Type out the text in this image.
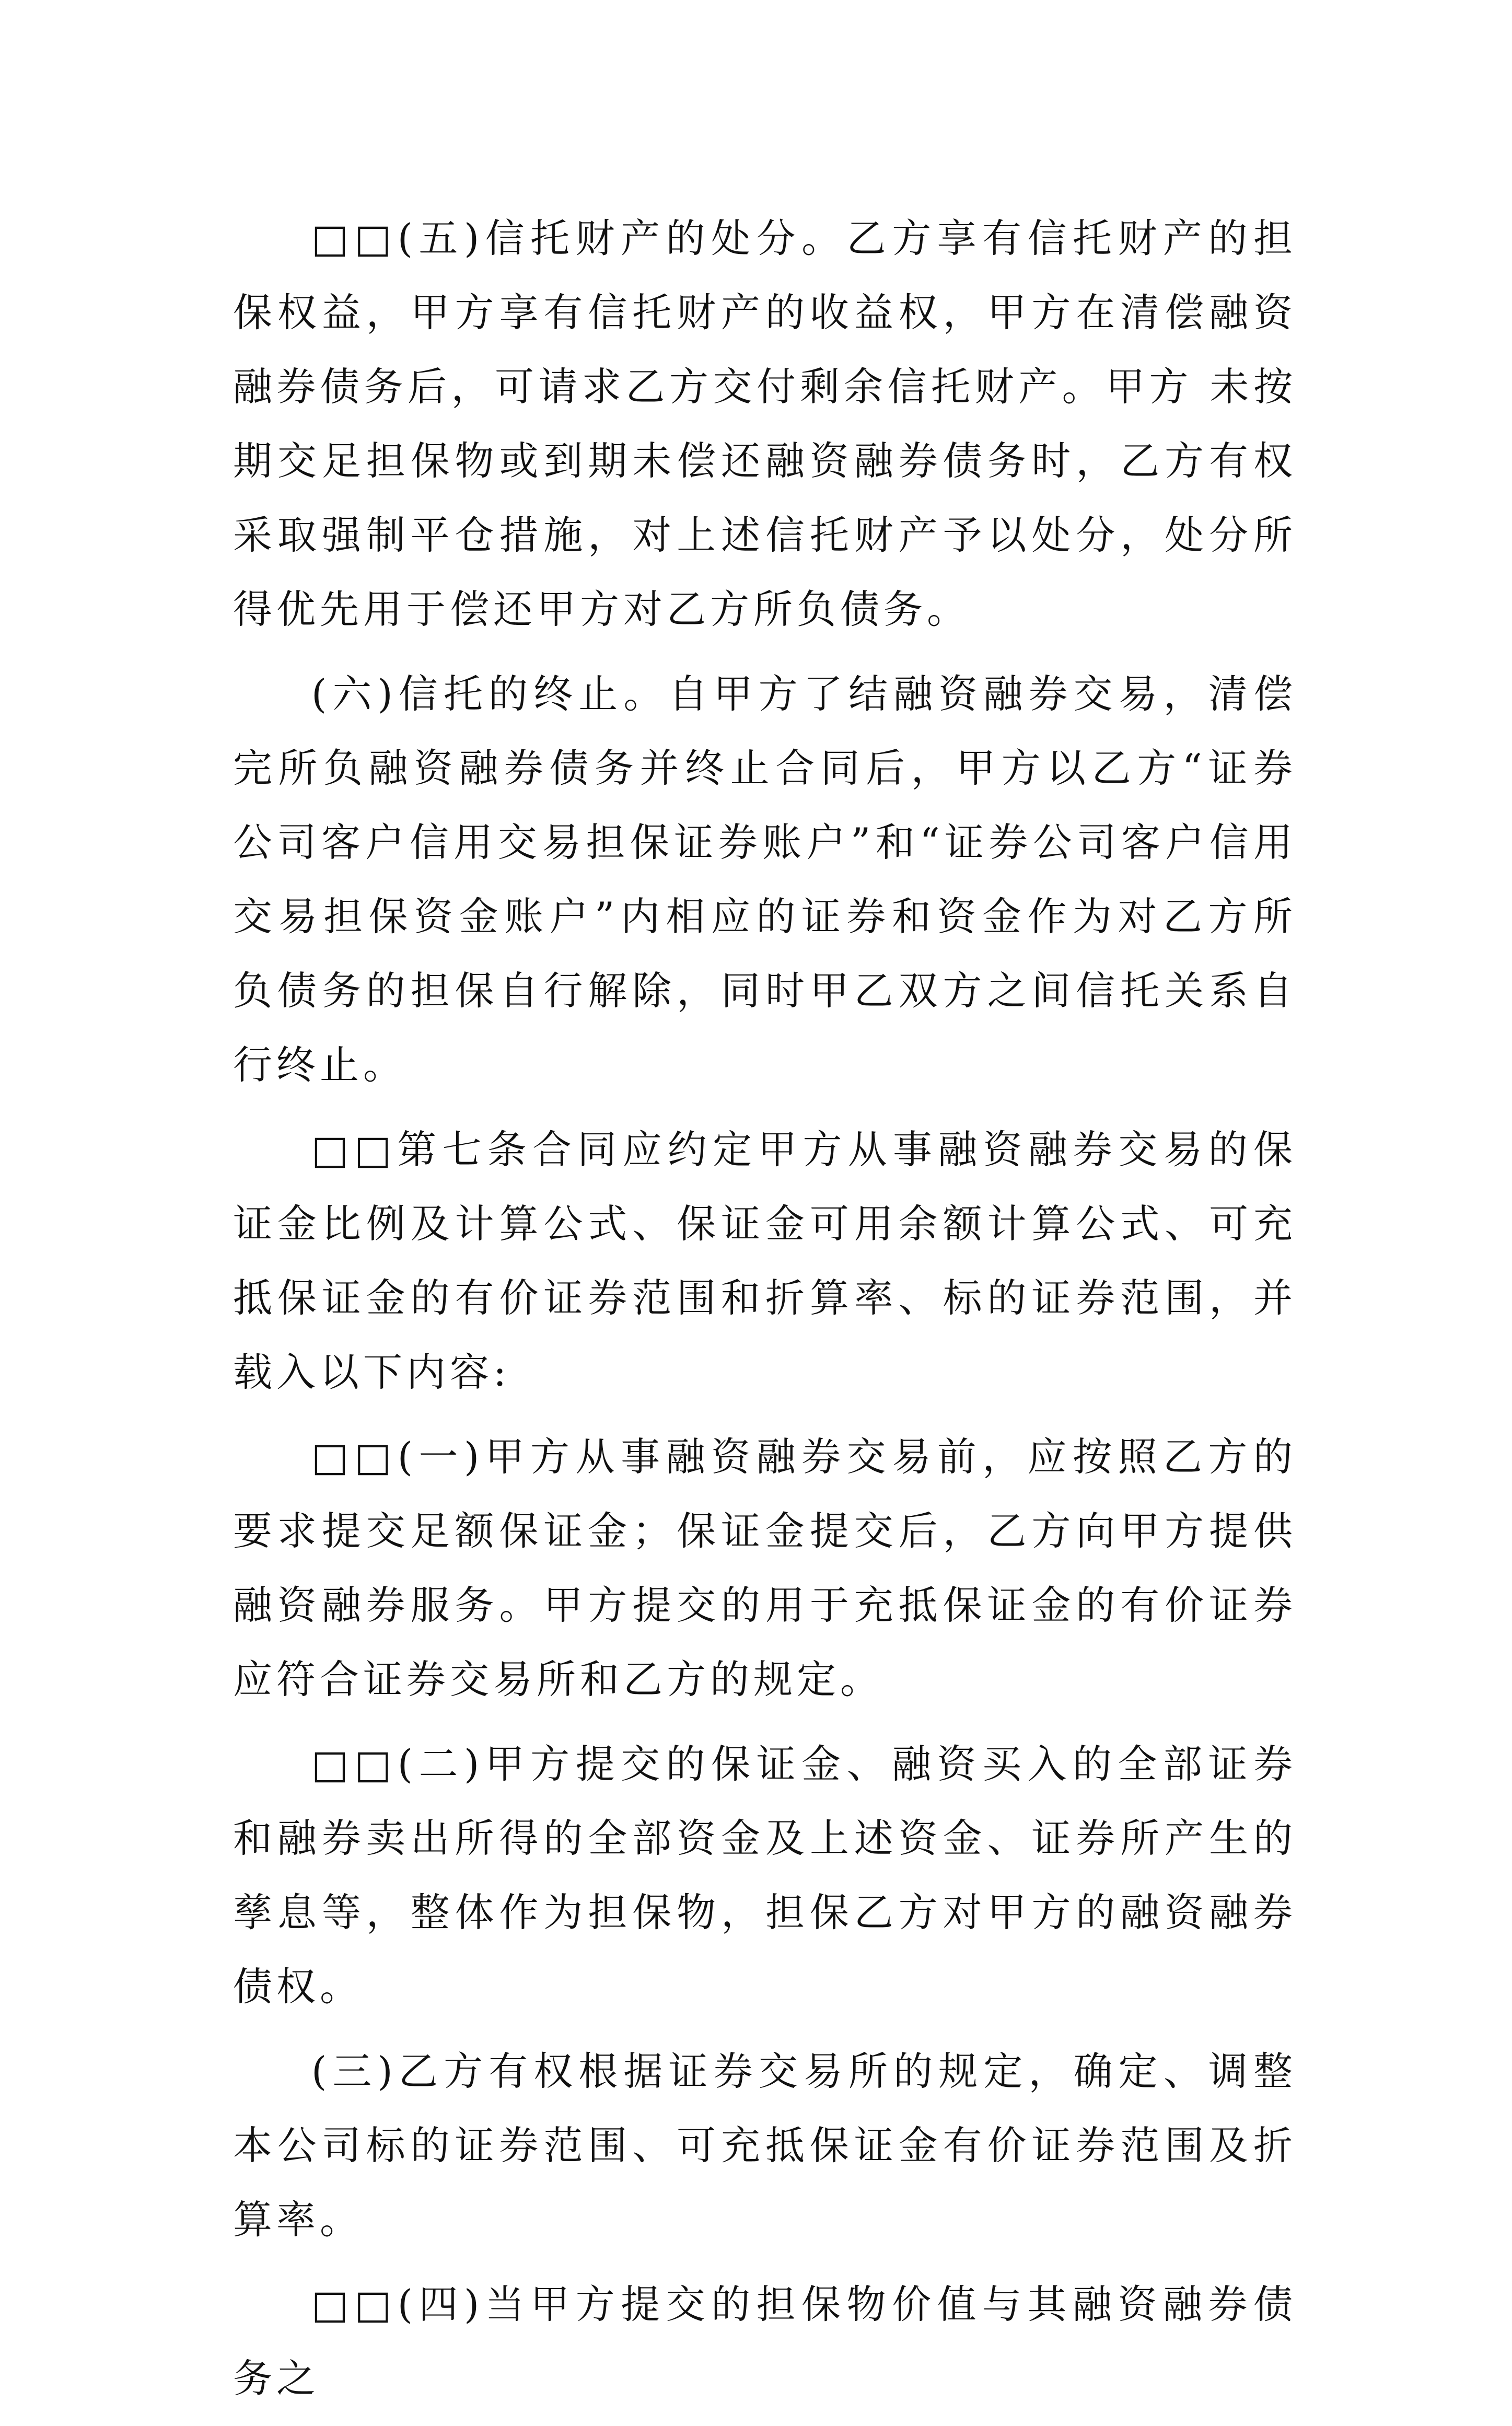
□□(五)信托财产的处分。乙方享有信托财产的担保权益，甲方享有信托财产的收益权，甲方在清偿融资融券债务后，可请求乙方交付剩余信托财产。甲方 未按期交足担保物或到期未偿还融资融券债务时，乙方有权采取强制平仓措施，对上述信托财产予以处分，处分所得优先用于偿还甲方对乙方所负债务。

(六)信托的终止。自甲方了结融资融券交易，清偿完所负融资融券债务并终止合同后，甲方以乙方“证券公司客户信用交易担保证券账户”和“证券公司客户信用交易担保资金账户”内相应的证券和资金作为对乙方所负债务的担保自行解除，同时甲乙双方之间信托关系自行终止。

□□第七条合同应约定甲方从事融资融券交易的保证金比例及计算公式、保证金可用余额计算公式、可充抵保证金的有价证券范围和折算率、标的证券范围，并载入以下内容:

□□(一)甲方从事融资融券交易前，应按照乙方的要求提交足额保证金；保证金提交后，乙方向甲方提供融资融券服务。甲方提交的用于充抵保证金的有价证券应符合证券交易所和乙方的规定。

□□(二)甲方提交的保证金、融资买入的全部证券和融券卖出所得的全部资金及上述资金、证券所产生的孳息等，整体作为担保物，担保乙方对甲方的融资融券债权。

(三)乙方有权根据证券交易所的规定，确定、调整本公司标的证券范围、可充抵保证金有价证券范围及折算率。

□□(四)当甲方提交的担保物价值与其融资融券债务之
